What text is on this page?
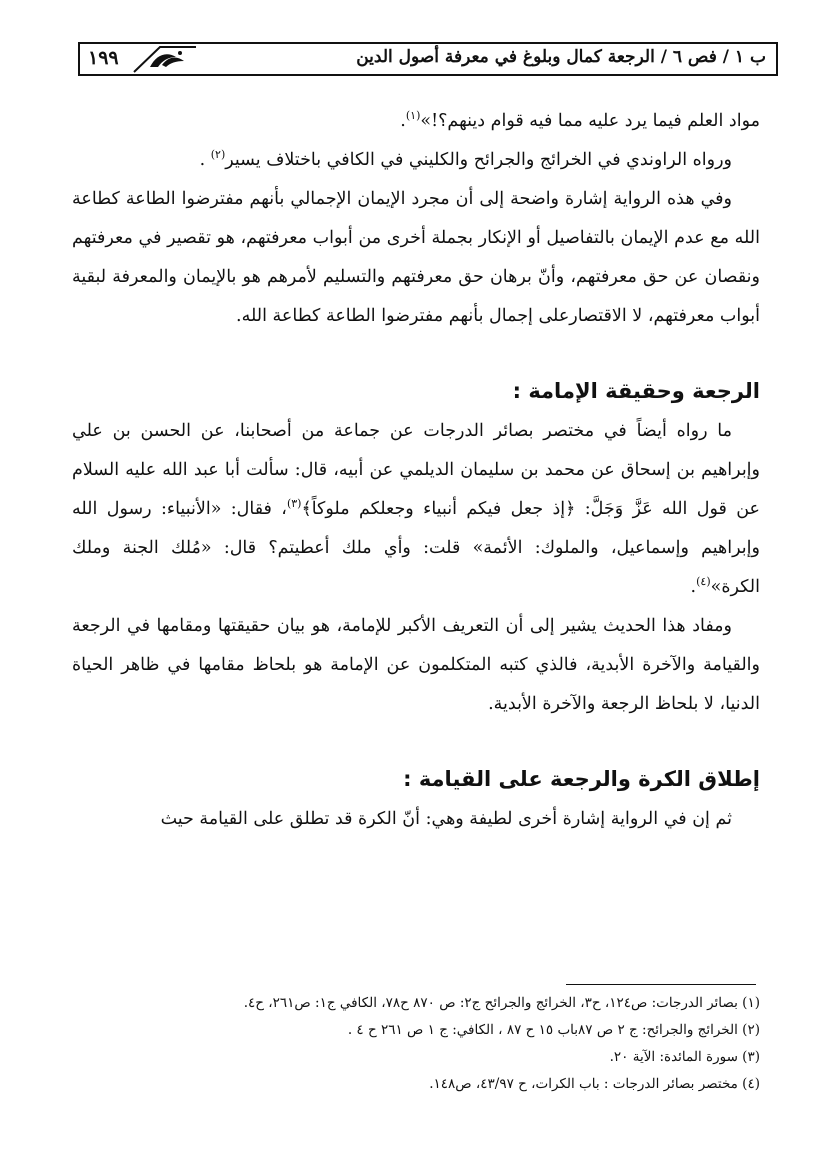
ب ١ / فص ٦ / الرجعة كمال وبلوغ في معرفة أصول الدين
١٩٩

مواد العلم فيما يرد عليه مما فيه قوام دينهم؟!»$^{(١)}$.

ورواه الراوندي في الخرائج والجرائح والكليني في الكافي باختلاف يسير$^{(٢)}$ .

وفي هذه الرواية إشارة واضحة إلى أن مجرد الإيمان الإجمالي بأنهم مفترضوا الطاعة كطاعة الله مع عدم الإيمان بالتفاصيل أو الإنكار بجملة أخرى من أبواب معرفتهم، هو تقصير في معرفتهم ونقصان عن حق معرفتهم، وأنّ برهان حق معرفتهم والتسليم لأمرهم هو بالإيمان والمعرفة لبقية أبواب معرفتهم، لا الاقتصارعلى إجمال بأنهم مفترضوا الطاعة كطاعة الله.

الرجعة وحقيقة الإمامة :

ما رواه أيضاً في مختصر بصائر الدرجات عن جماعة من أصحابنا، عن الحسن بن علي وإبراهيم بن إسحاق عن محمد بن سليمان الديلمي عن أبيه، قال: سألت أبا عبد الله عليه السلام عن قول الله عَزَّ وَجَلَّ: ﴿إذ جعل فيكم أنبياء وجعلكم ملوكاً﴾$^{(٣)}$، فقال: «الأنبياء: رسول الله وإبراهيم وإسماعيل، والملوك: الأئمة» قلت: وأي ملك أعطيتم؟ قال: «مُلك الجنة وملك الكرة»$^{(٤)}$.

ومفاد هذا الحديث يشير إلى أن التعريف الأكبر للإمامة، هو بيان حقيقتها ومقامها في الرجعة والقيامة والآخرة الأبدية، فالذي كتبه المتكلمون عن الإمامة هو بلحاظ مقامها في ظاهر الحياة الدنيا، لا بلحاظ الرجعة والآخرة الأبدية.

إطلاق الكرة والرجعة على القيامة :

ثم إن في الرواية إشارة أخرى لطيفة وهي: أنّ الكرة قد تطلق على القيامة حيث

(١) بصائر الدرجات: ص١٢٤، ح٣، الخرائج والجرائح ج٢: ص ٨٧٠ ح٧٨، الكافي ج١: ص٢٦١، ح٤.

(٢) الخرائج والجرائح: ج ٢ ص ٨٧باب ١٥ ح ٨٧ ، الكافي: ج ١ ص ٢٦١ ح ٤ .

(٣) سورة المائدة: الآية ٢٠.

(٤) مختصر بصائر الدرجات : باب الكرات، ح ٤٣/٩٧، ص١٤٨.
